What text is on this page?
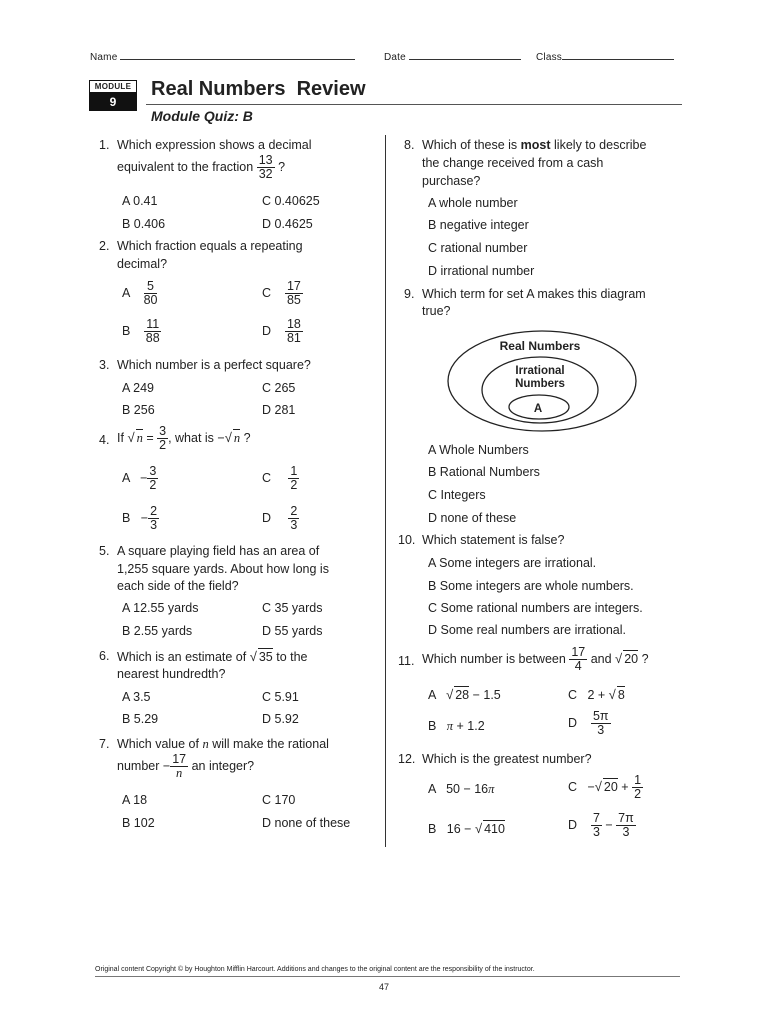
Name	Date	Class
MODULE
9
Real Numbers  Review
Module Quiz: B
1. Which expression shows a decimal
equivalent to the fraction $\frac{13}{32}$ ?
A 0.41	C 0.40625
B 0.406	D 0.4625
2. Which fraction equals a repeating
decimal?
A $\frac{5}{80}$	C $\frac{17}{85}$
B $\frac{11}{88}$	D $\frac{18}{81}$
3. Which number is a perfect square?
A 249	C 265
B 256	D 281
4. If √ $n = \frac{3}{2}$ , what is −√ n ?
$A - \frac{3}{2}$	C $\frac{1}{2}$
$B - \frac{2}{3}$	D $\frac{2}{3}$
5. A square playing field has an area of
1,255 square yards. About how long is
each side of the field?
A 12.55 yards	C 35 yards
B 2.55 yards	D 55 yards
6. Which is an estimate of √ 35 to the
nearest hundredth?
A 3.5	C 5.91
B 5.29	D 5.92
7. Which value of n will make the rational
number − $\frac{17}{n}$ an integer?
A 18	C 170
B 102	D none of these
8. Which of these is most likely to describe
the change received from a cash
purchase?
A whole number
B negative integer
C rational number
D irrational number
9. Which term for set A makes this diagram
true?
Real Numbers
Irrational
Numbers
A
A Whole Numbers
B Rational Numbers
C Integers
D none of these
10. Which statement is false?
A Some integers are irrational.
B Some integers are whole numbers.
C Some rational numbers are integers.
D Some real numbers are irrational.
11. Which number is between $\frac{17}{4}$ and √ 20 ?
A √ 28 − 1.5	C 2 + √ 8
B π + 1.2	D $\frac{5\pi}{3}$
12. Which is the greatest number?
A 50 − 16π	C −√ $20 + \frac{1}{2}$
B 16 − √ 410	D $\frac{7}{3} - \frac{7\pi}{3}$
Original content Copyright © by Houghton Mifflin Harcourt. Additions and changes to the original content are the responsibility of the instructor.
47
